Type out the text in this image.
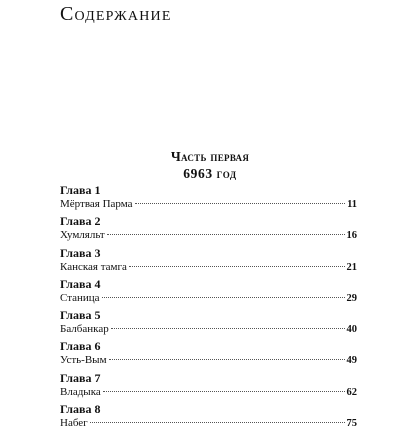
Содержание
Часть первая
6963 год
Глава 1
Мёртвая Парма	11
Глава 2
Хумляльт	16
Глава 3
Канская тамга	21
Глава 4
Станица	29
Глава 5
Балбанкар	40
Глава 6
Усть-Вым	49
Глава 7
Владыка	62
Глава 8
Набег	75
